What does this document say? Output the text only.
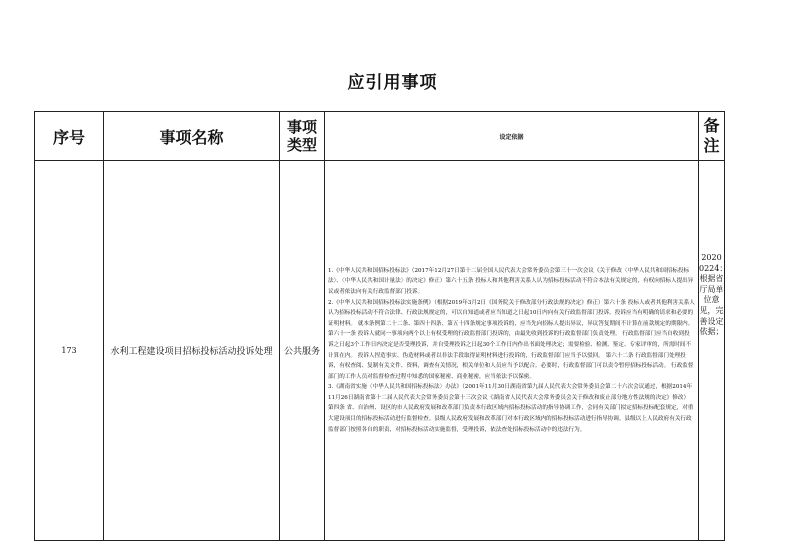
应引用事项
序号	事项名称	事项类型	设定依据	备注
173	水利工程建设项目招标投标活动投诉处理	公共服务	1.《中华人民共和国招标投标法》（2017年12月27日第十二届全国人民代表大会常务委员会第三十一次会议《关于修改〈中华人民共和国招标投标法〉、〈中华人民共和国计量法〉的决定》修正）第六十五条 投标人和其他利害关系人认为招标投标活动不符合本法有关规定的，有权向招标人提出异议或者依法向有关行政监督部门投诉。

2.《中华人民共和国招标投标法实施条例》（根据2019年3月2日《国务院关于修改部分行政法规的决定》修正）第六十条 投标人或者其他利害关系人认为招标投标活动不符合法律、行政法规规定的，可以自知道或者应当知道之日起10日内向有关行政监督部门投诉。投诉应当有明确的请求和必要的证明材料。 就本条例第二十二条、第四十四条、第五十四条规定事项投诉的，应当先向招标人提出异议，异议答复期间不计算在前款规定的期限内。

第六十一条 投诉人就同一事项向两个以上有权受理的行政监督部门投诉的，由最先收到投诉的行政监督部门负责处理。 行政监督部门应当自收到投诉之日起3个工作日内决定是否受理投诉，并自受理投诉之日起30个工作日内作出书面处理决定；需要检验、检测、鉴定、专家评审的，所需时间不计算在内。 投诉人捏造事实、伪造材料或者以非法手段取得证明材料进行投诉的，行政监督部门应当予以驳回。 第六十二条 行政监督部门处理投诉，有权查阅、复制有关文件、资料，调查有关情况，相关单位和人员应当予以配合。必要时，行政监督部门可以责令暂停招标投标活动。 行政监督部门的工作人员对监督检查过程中知悉的国家秘密、商业秘密，应当依法予以保密。

3.《湖南省实施〈中华人民共和国招标投标法〉办法》（2001年11月30日湖南省第九届人民代表大会常务委员会第二十六次会议通过，根据2014年11月26日湖南省第十二届人民代表大会常务委员会第十三次会议《湖南省人民代表大会常务委员会关于修改和废止部分地方性法规的决定》修改）

第四条 省、自治州、设区的市人民政府发展和改革部门负责本行政区域内招标投标活动的指导协调工作，会同有关部门拟定招标投标配套规定，对重大建设项目的招标投标活动进行监督检查。县级人民政府发展和改革部门对本行政区域内的招标投标活动进行指导协调。县级以上人民政府有关行政监督部门按照各自的职责，对招标投标活动实施监督，受理投诉，依法查处招标投标活动中的违法行为。	2020 0224：根据省厅局单位意见，完善设定依据；
